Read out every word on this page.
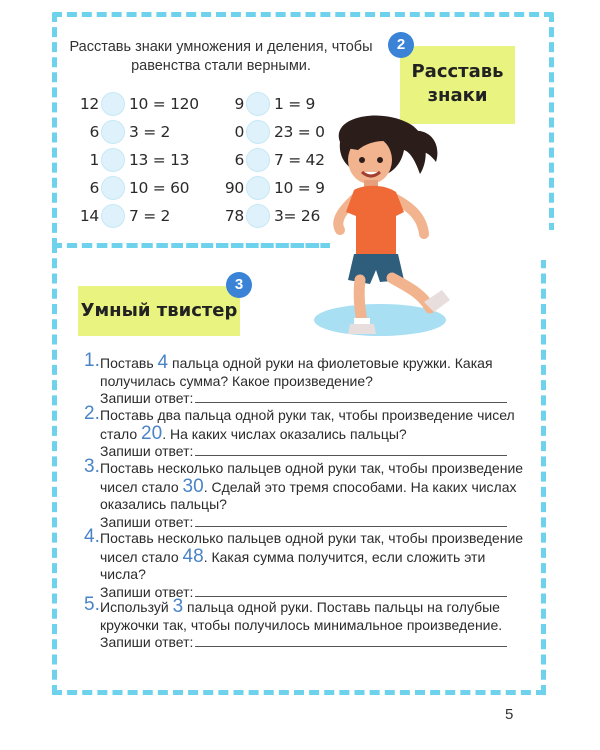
Расставь знаки умножения и деления, чтобы равенства стали верными.
12 10 = 120
6 3 = 2
1 13 = 13
6 10 = 60
14 7 = 2
9 1 = 9
0 23 = 0
6 7 = 42
90 10 = 9
78 3= 26
Расставь
знаки
2
Умный твистер
3
1. Поставь 4 пальца одной руки на фиолетовые кружки. Какая получилась сумма? Какое произведение?
Запиши ответ:
2. Поставь два пальца одной руки так, чтобы произведение чисел стало 20. На каких числах оказались пальцы?
Запиши ответ:
3. Поставь несколько пальцев одной руки так, чтобы произведение чисел стало 30. Сделай это тремя способами. На каких числах оказались пальцы?
Запиши ответ:
4. Поставь несколько пальцев одной руки так, чтобы произведение чисел стало 48. Какая сумма получится, если сложить эти числа?
Запиши ответ:
5. Используй 3 пальца одной руки. Поставь пальцы на голубые кружочки так, чтобы получилось минимальное произведение.
Запиши ответ:
5
